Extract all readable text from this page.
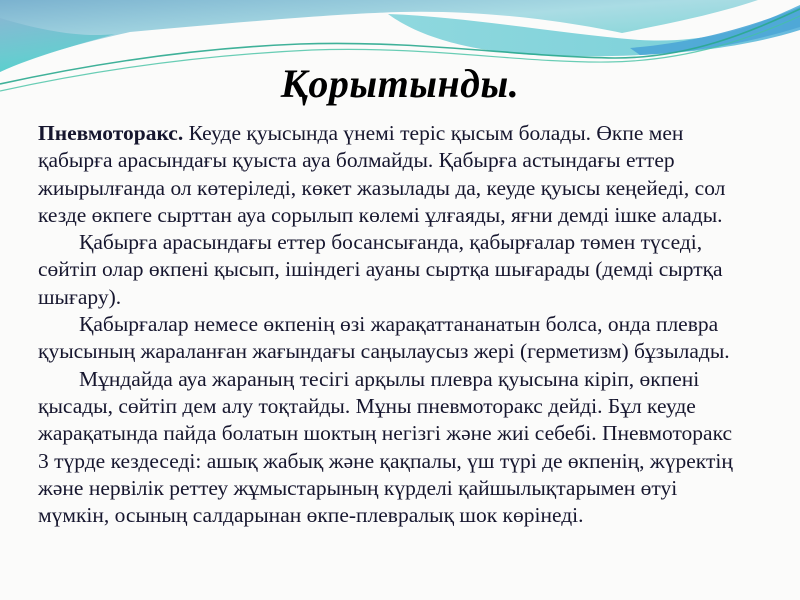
Қорытынды.
Пневмоторакс. Кеуде қуысында үнемі теріс қысым болады. Өкпе мен
қабырға арасындағы қуыста ауа болмайды. Қабырға астындағы еттер
жиырылғанда ол көтеріледі, көкет жазылады да, кеуде қуысы кеңейеді, сол
кезде өкпеге сырттан ауа сорылып көлемі ұлғаяды, яғни демді ішке алады.
Қабырға арасындағы еттер босансығанда, қабырғалар төмен түседі,
сөйтіп олар өкпені қысып, ішіндегі ауаны сыртқа шығарады (демді сыртқа
шығару).
Қабырғалар немесе өкпенің өзі жарақаттананатын болса, онда плевра
қуысының жараланған жағындағы саңылаусыз жері (герметизм) бұзылады.
Мұндайда ауа жараның тесігі арқылы плевра қуысына кіріп, өкпені
қысады, сөйтіп дем алу тоқтайды. Мұны пневмоторакс дейді. Бұл кеуде
жарақатында пайда болатын шоктың негізгі және жиі себебі. Пневмоторакс
3 түрде кездеседі: ашық жабық және қақпалы, үш түрі де өкпенің, жүректің
және нервілік реттеу жұмыстарының күрделі қайшылықтарымен өтуі
мүмкін, осының салдарынан өкпе-плевралық шок көрінеді.
